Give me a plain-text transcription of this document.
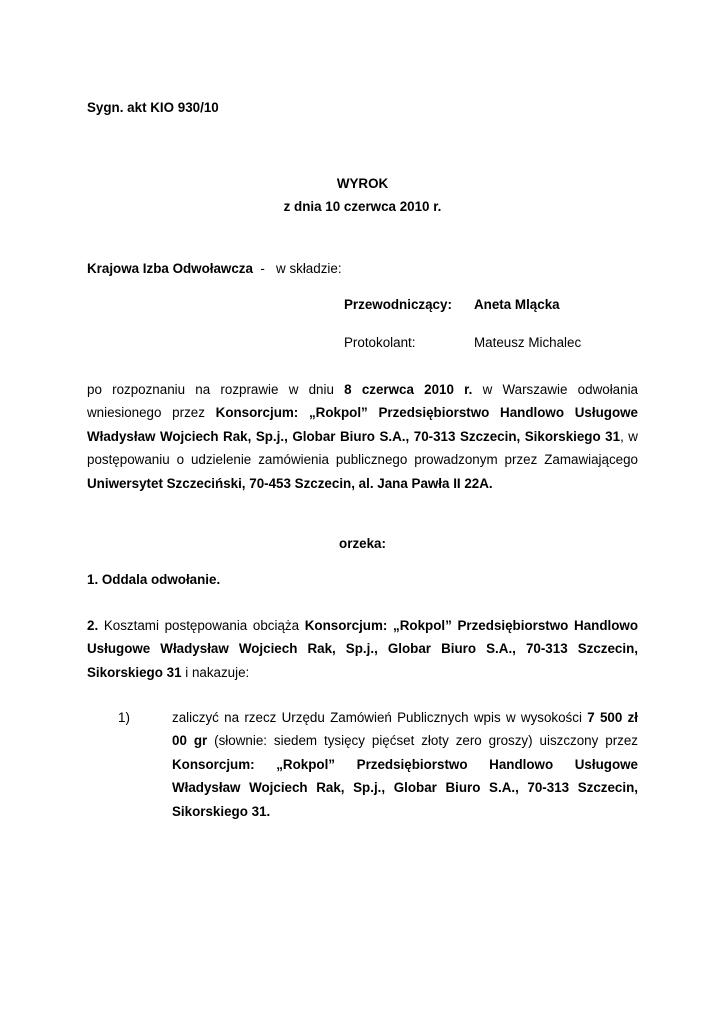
Sygn. akt KIO 930/10
WYROK
z dnia 10 czerwca 2010 r.
Krajowa Izba Odwoławcza - w składzie:
Przewodniczący: Aneta Mlącka
Protokolant:	Mateusz Michalec
po rozpoznaniu na rozprawie w dniu 8 czerwca 2010 r. w Warszawie odwołania wniesionego przez Konsorcjum: „Rokpol” Przedsiębiorstwo Handlowo Usługowe Władysław Wojciech Rak, Sp.j., Globar Biuro S.A., 70-313 Szczecin, Sikorskiego 31, w postępowaniu o udzielenie zamówienia publicznego prowadzonym przez Zamawiającego Uniwersytet Szczeciński, 70-453 Szczecin, al. Jana Pawła II 22A.
orzeka:
1. Oddala odwołanie.
2. Kosztami postępowania obciąża Konsorcjum: „Rokpol” Przedsiębiorstwo Handlowo Usługowe Władysław Wojciech Rak, Sp.j., Globar Biuro S.A., 70-313 Szczecin, Sikorskiego 31 i nakazuje:
1)	zaliczyć na rzecz Urzędu Zamówień Publicznych wpis w wysokości 7 500 zł 00 gr (słownie: siedem tysięcy pięćset złoty zero groszy) uiszczony przez Konsorcjum: „Rokpol” Przedsiębiorstwo Handlowo Usługowe Władysław Wojciech Rak, Sp.j., Globar Biuro S.A., 70-313 Szczecin, Sikorskiego 31.
